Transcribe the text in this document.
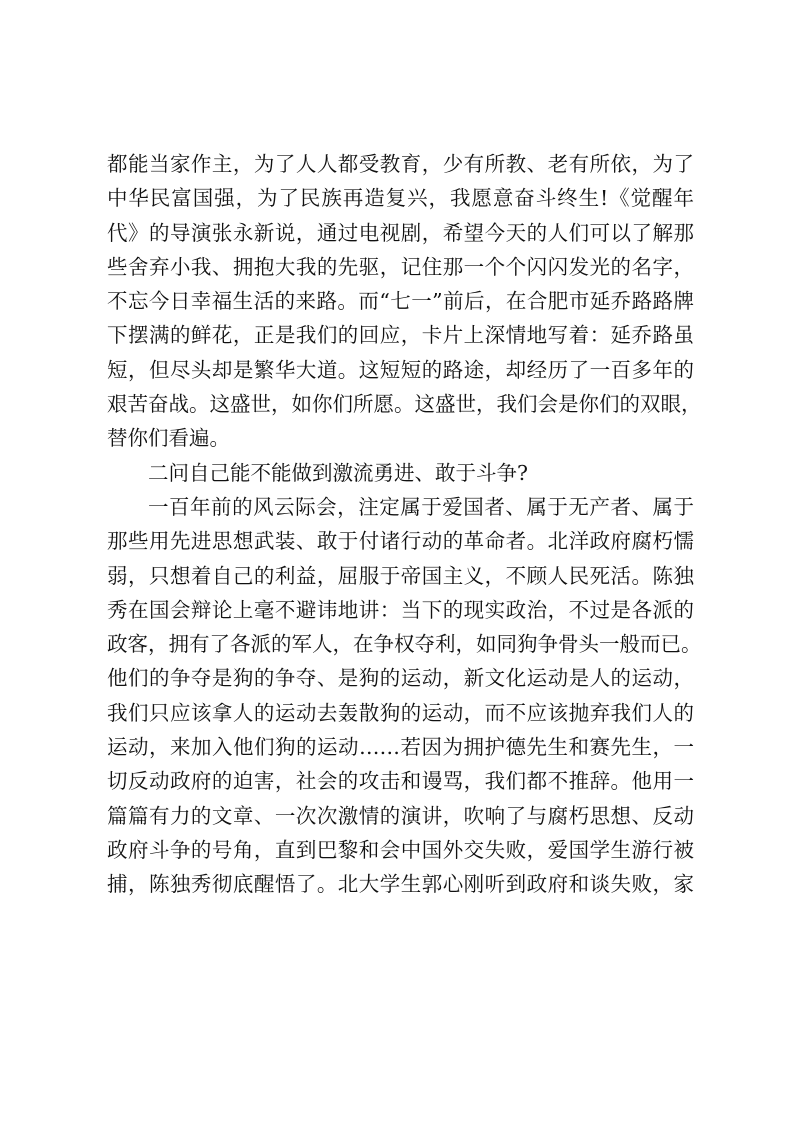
都能当家作主，为了人人都受教育，少有所教、老有所依，为了
中华民富国强，为了民族再造复兴，我愿意奋斗终生!《觉醒年
代》的导演张永新说，通过电视剧，希望今天的人们可以了解那
些舍弃小我、拥抱大我的先驱，记住那一个个闪闪发光的名字，
不忘今日幸福生活的来路。而“七一”前后，在合肥市延乔路路牌
下摆满的鲜花，正是我们的回应，卡片上深情地写着：延乔路虽
短，但尽头却是繁华大道。这短短的路途，却经历了一百多年的
艰苦奋战。这盛世，如你们所愿。这盛世，我们会是你们的双眼，
替你们看遍。
二问自己能不能做到激流勇进、敢于斗争?
一百年前的风云际会，注定属于爱国者、属于无产者、属于
那些用先进思想武装、敢于付诸行动的革命者。北洋政府腐朽懦
弱，只想着自己的利益，屈服于帝国主义，不顾人民死活。陈独
秀在国会辩论上毫不避讳地讲：当下的现实政治，不过是各派的
政客，拥有了各派的军人，在争权夺利，如同狗争骨头一般而已。
他们的争夺是狗的争夺、是狗的运动，新文化运动是人的运动，
我们只应该拿人的运动去轰散狗的运动，而不应该抛弃我们人的
运动，来加入他们狗的运动……若因为拥护德先生和赛先生，一
切反动政府的迫害，社会的攻击和谩骂，我们都不推辞。他用一
篇篇有力的文章、一次次激情的演讲，吹响了与腐朽思想、反动
政府斗争的号角，直到巴黎和会中国外交失败，爱国学生游行被
捕，陈独秀彻底醒悟了。北大学生郭心刚听到政府和谈失败，家
